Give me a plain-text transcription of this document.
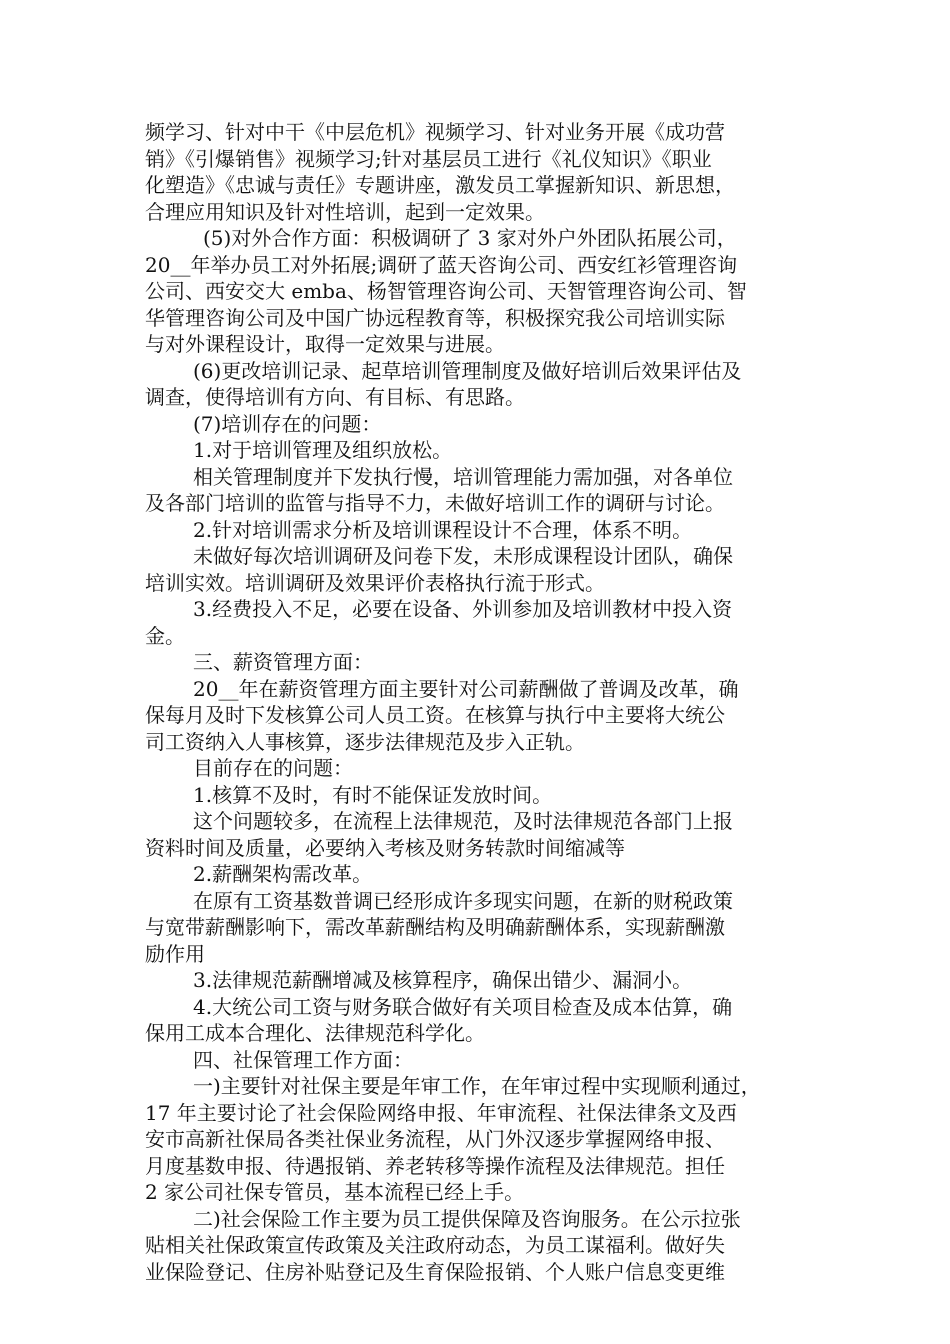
频学习、针对中干《中层危机》视频学习、针对业务开展《成功营

销》《引爆销售》视频学习;针对基层员工进行《礼仪知识》《职业

化塑造》《忠诚与责任》专题讲座，激发员工掌握新知识、新思想，

合理应用知识及针对性培训，起到一定效果。

(5)对外合作方面：积极调研了 3 家对外户外团队拓展公司，

20__年举办员工对外拓展;调研了蓝天咨询公司、西安红衫管理咨询

公司、西安交大 emba、杨智管理咨询公司、天智管理咨询公司、智

华管理咨询公司及中国广协远程教育等，积极探究我公司培训实际

与对外课程设计，取得一定效果与进展。

(6)更改培训记录、起草培训管理制度及做好培训后效果评估及

调查，使得培训有方向、有目标、有思路。

(7)培训存在的问题：

1.对于培训管理及组织放松。

相关管理制度并下发执行慢，培训管理能力需加强，对各单位

及各部门培训的监管与指导不力，未做好培训工作的调研与讨论。

2.针对培训需求分析及培训课程设计不合理，体系不明。

未做好每次培训调研及问卷下发，未形成课程设计团队，确保

培训实效。培训调研及效果评价表格执行流于形式。

3.经费投入不足，必要在设备、外训参加及培训教材中投入资

金。

三、薪资管理方面：

20__年在薪资管理方面主要针对公司薪酬做了普调及改革，确

保每月及时下发核算公司人员工资。在核算与执行中主要将大统公

司工资纳入人事核算，逐步法律规范及步入正轨。

目前存在的问题：

1.核算不及时，有时不能保证发放时间。

这个问题较多，在流程上法律规范，及时法律规范各部门上报

资料时间及质量，必要纳入考核及财务转款时间缩减等

2.薪酬架构需改革。

在原有工资基数普调已经形成许多现实问题，在新的财税政策

与宽带薪酬影响下，需改革薪酬结构及明确薪酬体系，实现薪酬激

励作用

3.法律规范薪酬增减及核算程序，确保出错少、漏洞小。

4.大统公司工资与财务联合做好有关项目检查及成本估算，确

保用工成本合理化、法律规范科学化。

四、社保管理工作方面：

一)主要针对社保主要是年审工作，在年审过程中实现顺利通过，

17 年主要讨论了社会保险网络申报、年审流程、社保法律条文及西

安市高新社保局各类社保业务流程，从门外汉逐步掌握网络申报、

月度基数申报、待遇报销、养老转移等操作流程及法律规范。担任

2 家公司社保专管员，基本流程已经上手。

二)社会保险工作主要为员工提供保障及咨询服务。在公示拉张

贴相关社保政策宣传政策及关注政府动态，为员工谋福利。做好失

业保险登记、住房补贴登记及生育保险报销、个人账户信息变更维
